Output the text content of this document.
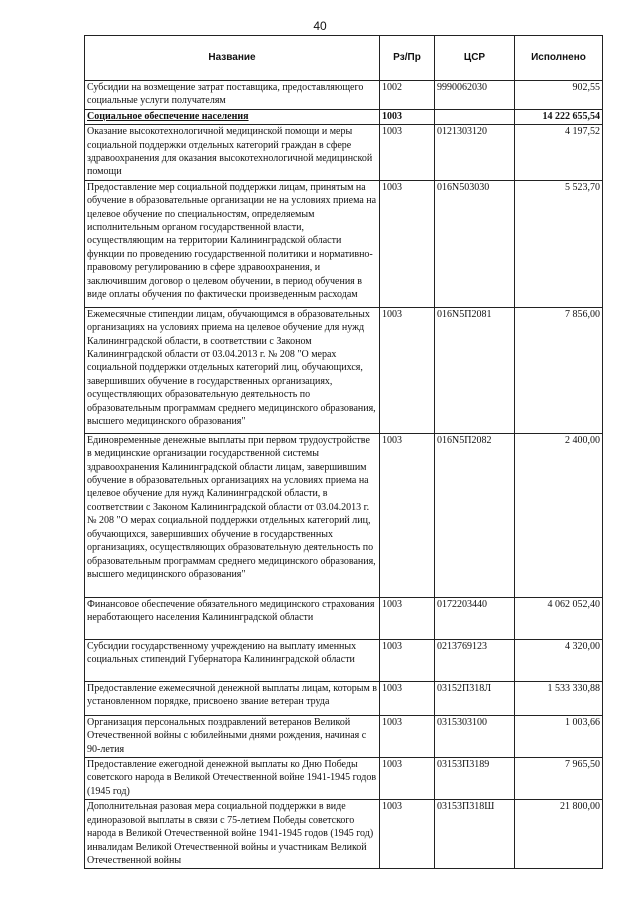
40
Название	Рз/Пр	ЦСР	Исполнено
Субсидии на возмещение затрат поставщика, предоставляющего социальные услуги получателям	1002	9990062030	902,55
Социальное обеспечение населения	1003		14 222 655,54
Оказание высокотехнологичной медицинской помощи и меры социальной поддержки отдельных категорий граждан в сфере здравоохранения для оказания высокотехнологичной медицинской помощи	1003	0121303120	4 197,52
Предоставление мер социальной поддержки лицам, принятым на обучение в образовательные организации не на условиях приема на целевое обучение по специальностям, определяемым исполнительным органом государственной власти, осуществляющим на территории Калининградской области функции по проведению государственной политики и нормативно-правовому регулированию в сфере здравоохранения, и заключившим договор о целевом обучении, в период обучения в виде оплаты обучения по фактически произведенным расходам	1003	016N503030	5 523,70
Ежемесячные стипендии лицам, обучающимся в образовательных организациях на условиях приема на целевое обучение для нужд Калининградской области, в соответствии с Законом Калининградской области от 03.04.2013 г. № 208 "О мерах социальной поддержки отдельных категорий лиц, обучающихся, завершивших обучение в государственных организациях, осуществляющих образовательную деятельность по образовательным программам среднего медицинского образования, высшего медицинского образования"	1003	016N5П2081	7 856,00
Единовременные денежные выплаты при первом трудоустройстве в медицинские организации государственной системы здравоохранения Калининградской области лицам, завершившим обучение в образовательных организациях на условиях приема на целевое обучение для нужд Калининградской области, в соответствии с Законом Калининградской области от 03.04.2013 г. № 208 "О мерах социальной поддержки отдельных категорий лиц, обучающихся, завершивших обучение в государственных организациях, осуществляющих образовательную деятельность по образовательным программам среднего медицинского образования, высшего медицинского образования"	1003	016N5П2082	2 400,00
Финансовое обеспечение обязательного медицинского страхования неработающего населения Калининградской области	1003	0172203440	4 062 052,40
Субсидии государственному учреждению на выплату именных социальных стипендий Губернатора Калининградской области	1003	0213769123	4 320,00
Предоставление ежемесячной денежной выплаты лицам, которым в установленном порядке, присвоено звание ветеран труда	1003	03152П318Л	1 533 330,88
Организация персональных поздравлений ветеранов Великой Отечественной войны с юбилейными днями рождения, начиная с 90-летия	1003	0315303100	1 003,66
Предоставление ежегодной денежной выплаты ко Дню Победы советского народа в Великой Отечественной войне 1941-1945 годов (1945 год)	1003	03153П3189	7 965,50
Дополнительная разовая мера социальной поддержки в виде единоразовой выплаты в связи с 75-летием Победы советского народа в Великой Отечественной войне 1941-1945 годов (1945 год) инвалидам Великой Отечественной войны и участникам Великой Отечественной войны	1003	03153П318Ш	21 800,00
